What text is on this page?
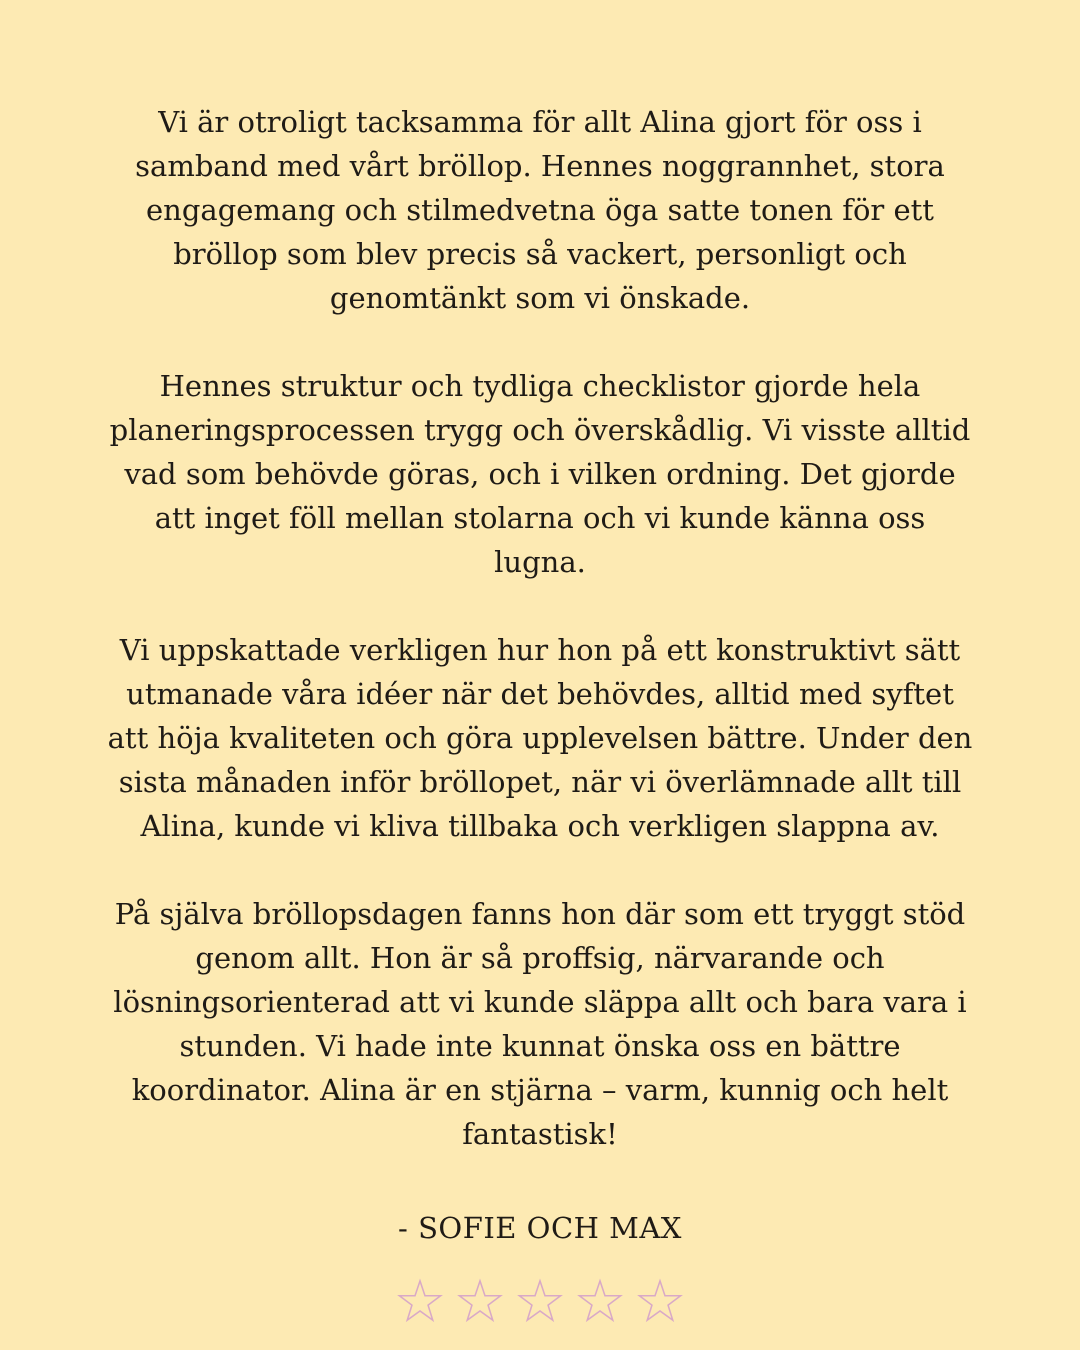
Vi är otroligt tacksamma för allt Alina gjort för oss i
samband med vårt bröllop. Hennes noggrannhet, stora
engagemang och stilmedvetna öga satte tonen för ett
bröllop som blev precis så vackert, personligt och
genomtänkt som vi önskade.

Hennes struktur och tydliga checklistor gjorde hela
planeringsprocessen trygg och överskådlig. Vi visste alltid
vad som behövde göras, och i vilken ordning. Det gjorde
att inget föll mellan stolarna och vi kunde känna oss
lugna.

Vi uppskattade verkligen hur hon på ett konstruktivt sätt
utmanade våra idéer när det behövdes, alltid med syftet
att höja kvaliteten och göra upplevelsen bättre. Under den
sista månaden inför bröllopet, när vi överlämnade allt till
Alina, kunde vi kliva tillbaka och verkligen slappna av.

På själva bröllopsdagen fanns hon där som ett tryggt stöd
genom allt. Hon är så proffsig, närvarande och
lösningsorienterad att vi kunde släppa allt och bara vara i
stunden. Vi hade inte kunnat önska oss en bättre
koordinator. Alina är en stjärna – varm, kunnig och helt
fantastisk!

- SOFIE OCH MAX
